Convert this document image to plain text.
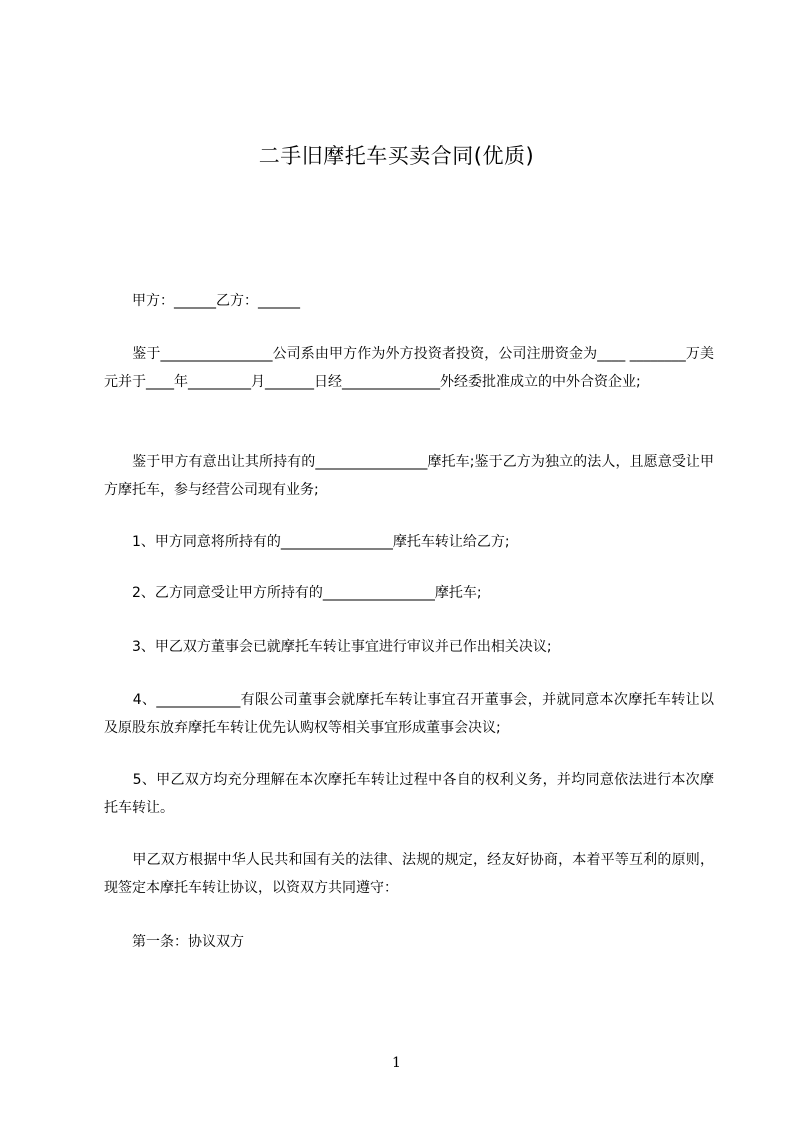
二手旧摩托车买卖合同(优质)
　　甲方：______乙方：______
　　鉴于________________公司系由甲方作为外方投资者投资，公司注册资金为____ ________万美元并于____年_________月_______日经______________外经委批准成立的中外合资企业;
　　鉴于甲方有意出让其所持有的________________摩托车;鉴于乙方为独立的法人，且愿意受让甲方摩托车，参与经营公司现有业务;
　　1、甲方同意将所持有的________________摩托车转让给乙方;
　　2、乙方同意受让甲方所持有的________________摩托车;
　　3、甲乙双方董事会已就摩托车转让事宜进行审议并已作出相关决议;
　　4、____________有限公司董事会就摩托车转让事宜召开董事会，并就同意本次摩托车转让以及原股东放弃摩托车转让优先认购权等相关事宜形成董事会决议;
　　5、甲乙双方均充分理解在本次摩托车转让过程中各自的权利义务，并均同意依法进行本次摩托车转让。
　　甲乙双方根据中华人民共和国有关的法律、法规的规定，经友好协商，本着平等互利的原则，现签定本摩托车转让协议，以资双方共同遵守：
　　第一条：协议双方
1
